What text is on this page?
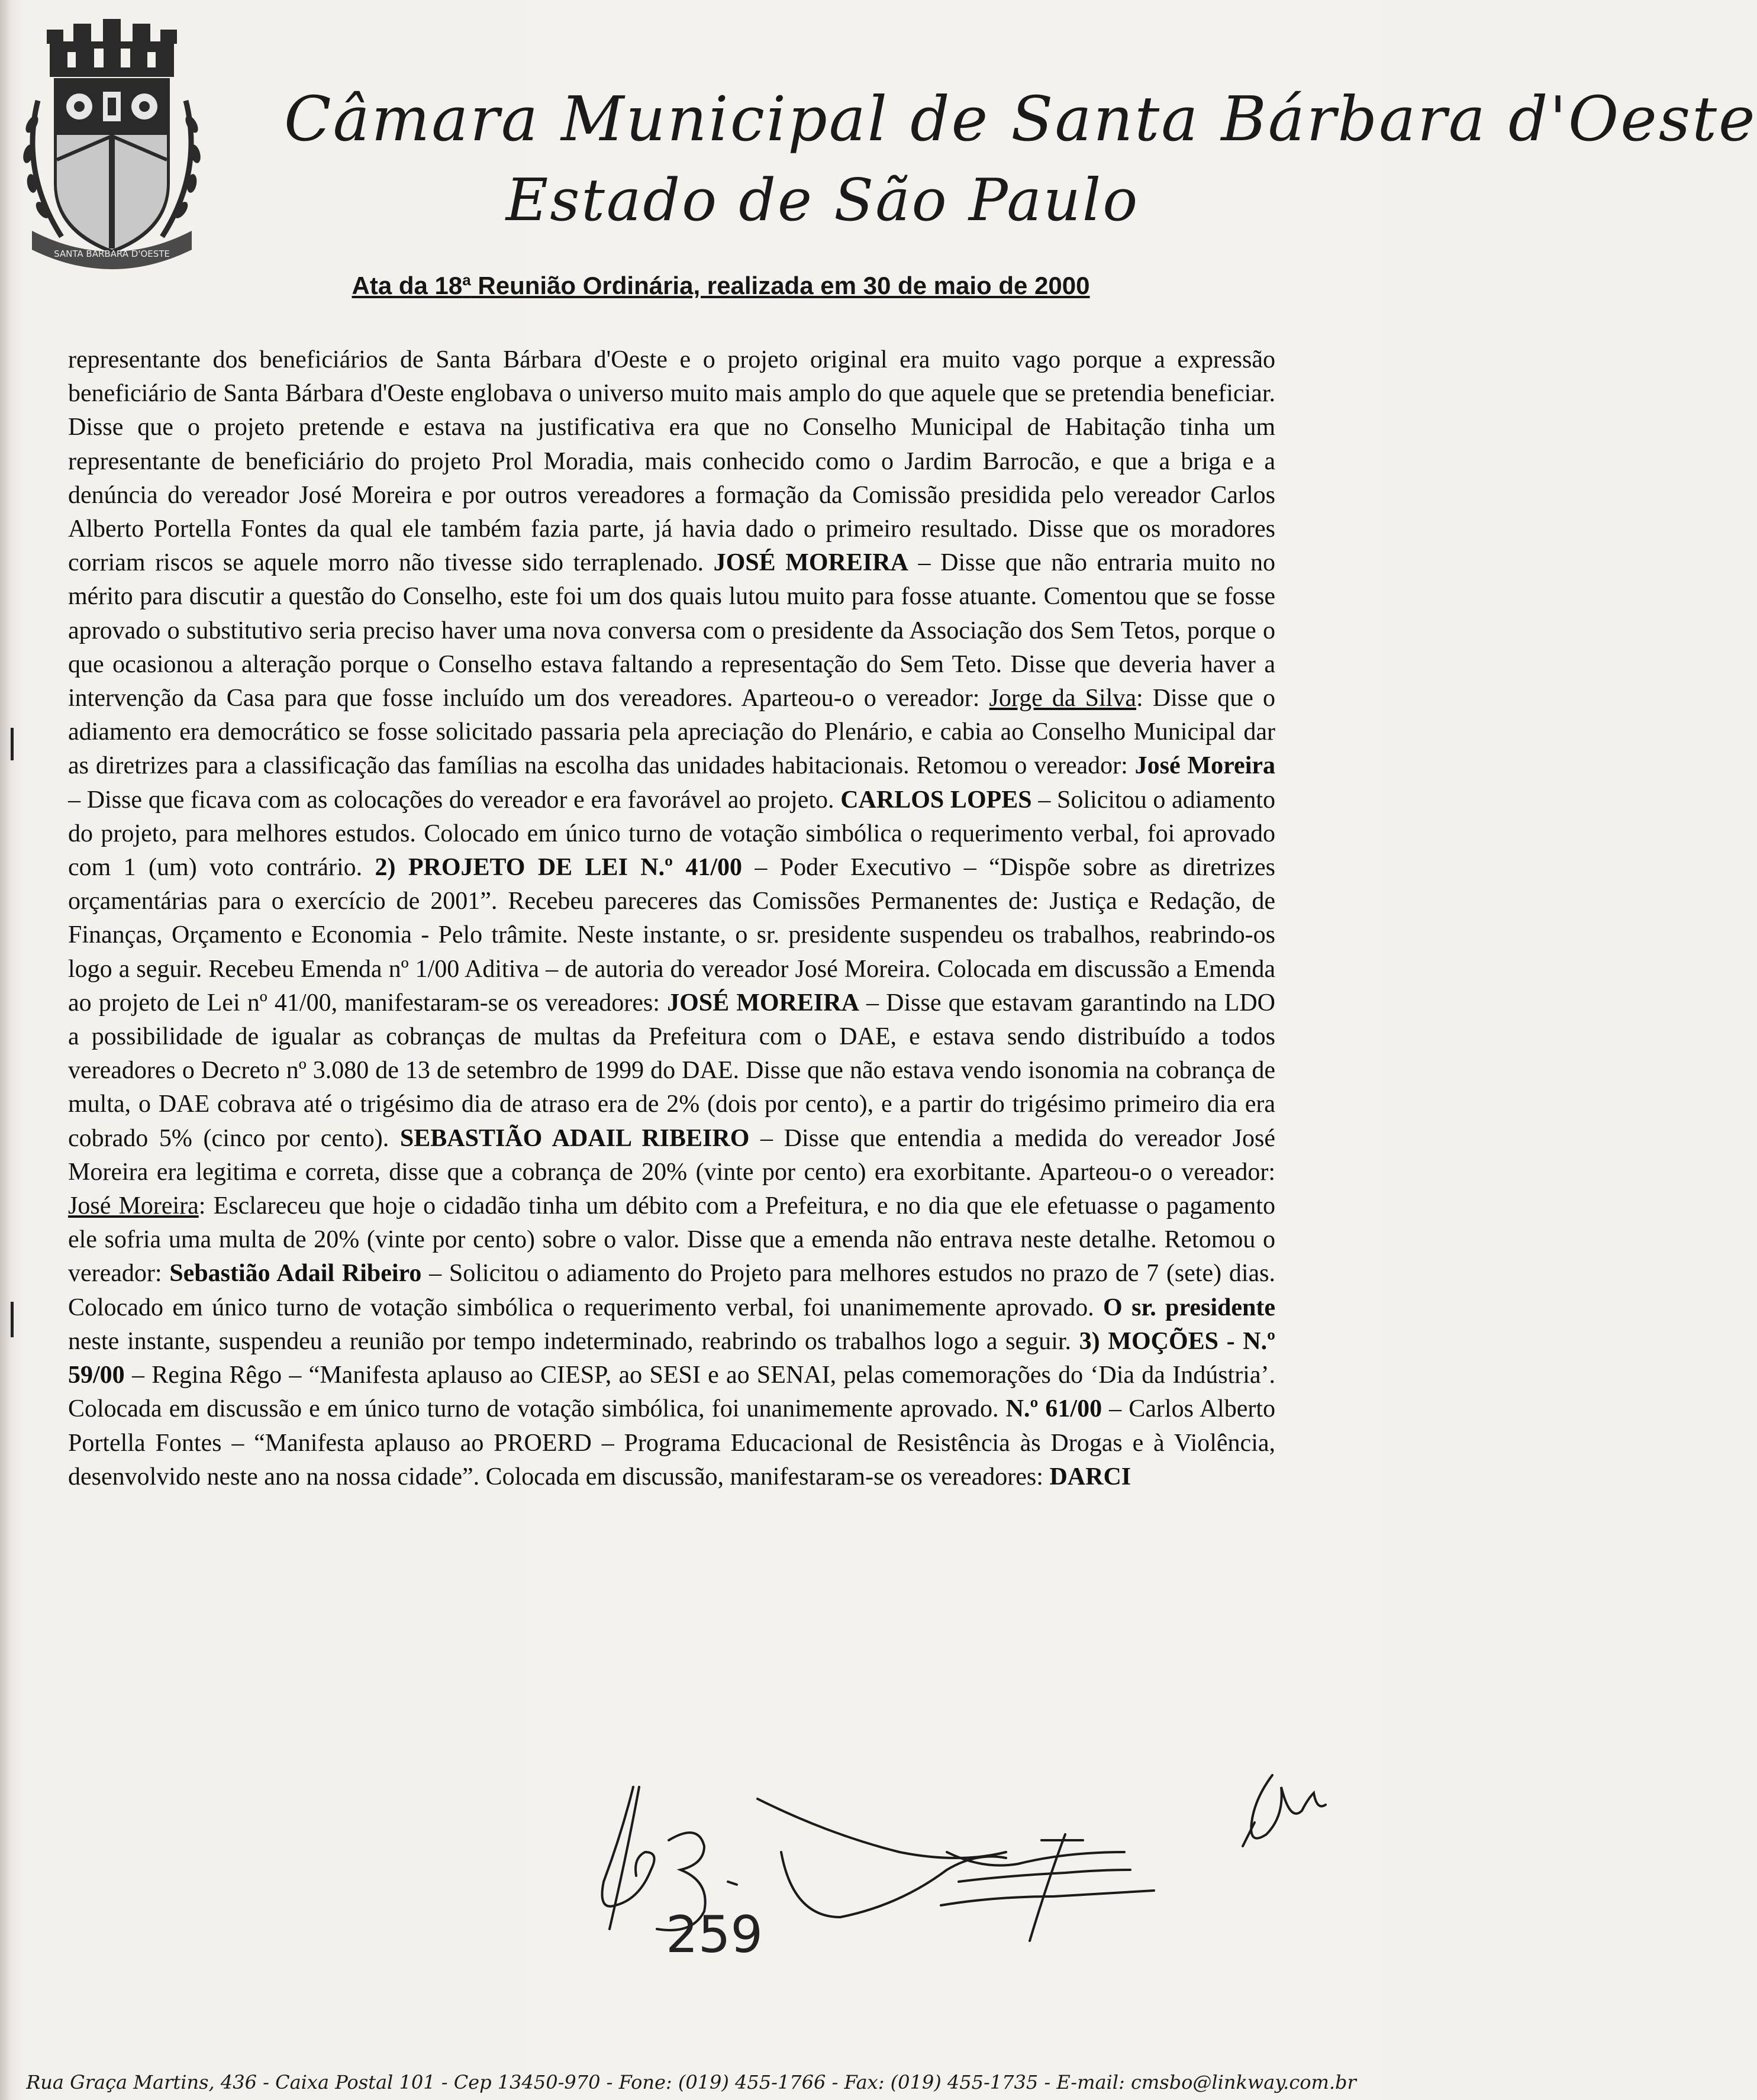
SANTA BÁRBARA D'OESTE
Câmara Municipal de Santa Bárbara d'Oeste
Estado de São Paulo
Ata da 18$^a$ Reunião Ordinária, realizada em 30 de maio de 2000

representante dos beneficiários de Santa Bárbara d'Oeste e o projeto original era muito vago porque a expressão beneficiário de Santa Bárbara d'Oeste englobava o universo muito mais amplo do que aquele que se pretendia beneficiar. Disse que o projeto pretende e estava na justificativa era que no Conselho Municipal de Habitação tinha um representante de beneficiário do projeto Prol Moradia, mais conhecido como o Jardim Barrocão, e que a briga e a denúncia do vereador José Moreira e por outros vereadores a formação da Comissão presidida pelo vereador Carlos Alberto Portella Fontes da qual ele também fazia parte, já havia dado o primeiro resultado. Disse que os moradores corriam riscos se aquele morro não tivesse sido terraplenado. JOSÉ MOREIRA – Disse que não entraria muito no mérito para discutir a questão do Conselho, este foi um dos quais lutou muito para fosse atuante. Comentou que se fosse aprovado o substitutivo seria preciso haver uma nova conversa com o presidente da Associação dos Sem Tetos, porque o que ocasionou a alteração porque o Conselho estava faltando a representação do Sem Teto. Disse que deveria haver a intervenção da Casa para que fosse incluído um dos vereadores. Aparteou-o o vereador: Jorge da Silva: Disse que o adiamento era democrático se fosse solicitado passaria pela apreciação do Plenário, e cabia ao Conselho Municipal dar as diretrizes para a classificação das famílias na escolha das unidades habitacionais. Retomou o vereador: José Moreira – Disse que ficava com as colocações do vereador e era favorável ao projeto. CARLOS LOPES – Solicitou o adiamento do projeto, para melhores estudos. Colocado em único turno de votação simbólica o requerimento verbal, foi aprovado com 1 (um) voto contrário. 2) PROJETO DE LEI N.º 41/00 – Poder Executivo – “Dispõe sobre as diretrizes orçamentárias para o exercício de 2001”. Recebeu pareceres das Comissões Permanentes de: Justiça e Redação, de Finanças, Orçamento e Economia - Pelo trâmite. Neste instante, o sr. presidente suspendeu os trabalhos, reabrindo-os logo a seguir. Recebeu Emenda nº 1/00 Aditiva – de autoria do vereador José Moreira. Colocada em discussão a Emenda ao projeto de Lei nº 41/00, manifestaram-se os vereadores: JOSÉ MOREIRA – Disse que estavam garantindo na LDO a possibilidade de igualar as cobranças de multas da Prefeitura com o DAE, e estava sendo distribuído a todos vereadores o Decreto nº 3.080 de 13 de setembro de 1999 do DAE. Disse que não estava vendo isonomia na cobrança de multa, o DAE cobrava até o trigésimo dia de atraso era de 2% (dois por cento), e a partir do trigésimo primeiro dia era cobrado 5% (cinco por cento). SEBASTIÃO ADAIL RIBEIRO – Disse que entendia a medida do vereador José Moreira era legitima e correta, disse que a cobrança de 20% (vinte por cento) era exorbitante. Aparteou-o o vereador: José Moreira: Esclareceu que hoje o cidadão tinha um débito com a Prefeitura, e no dia que ele efetuasse o pagamento ele sofria uma multa de 20% (vinte por cento) sobre o valor. Disse que a emenda não entrava neste detalhe. Retomou o vereador: Sebastião Adail Ribeiro – Solicitou o adiamento do Projeto para melhores estudos no prazo de 7 (sete) dias. Colocado em único turno de votação simbólica o requerimento verbal, foi unanimemente aprovado. O sr. presidente neste instante, suspendeu a reunião por tempo indeterminado, reabrindo os trabalhos logo a seguir. 3) MOÇÕES - N.º 59/00 – Regina Rêgo – “Manifesta aplauso ao CIESP, ao SESI e ao SENAI, pelas comemorações do ‘Dia da Indústria’. Colocada em discussão e em único turno de votação simbólica, foi unanimemente aprovado. N.º 61/00 – Carlos Alberto Portella Fontes – “Manifesta aplauso ao PROERD – Programa Educacional de Resistência às Drogas e à Violência, desenvolvido neste ano na nossa cidade”. Colocada em discussão, manifestaram-se os vereadores: DARCI

259
Rua Graça Martins, 436 - Caixa Postal 101 - Cep 13450-970 - Fone: (019) 455-1766 - Fax: (019) 455-1735 - E-mail: cmsbo@linkway.com.br
